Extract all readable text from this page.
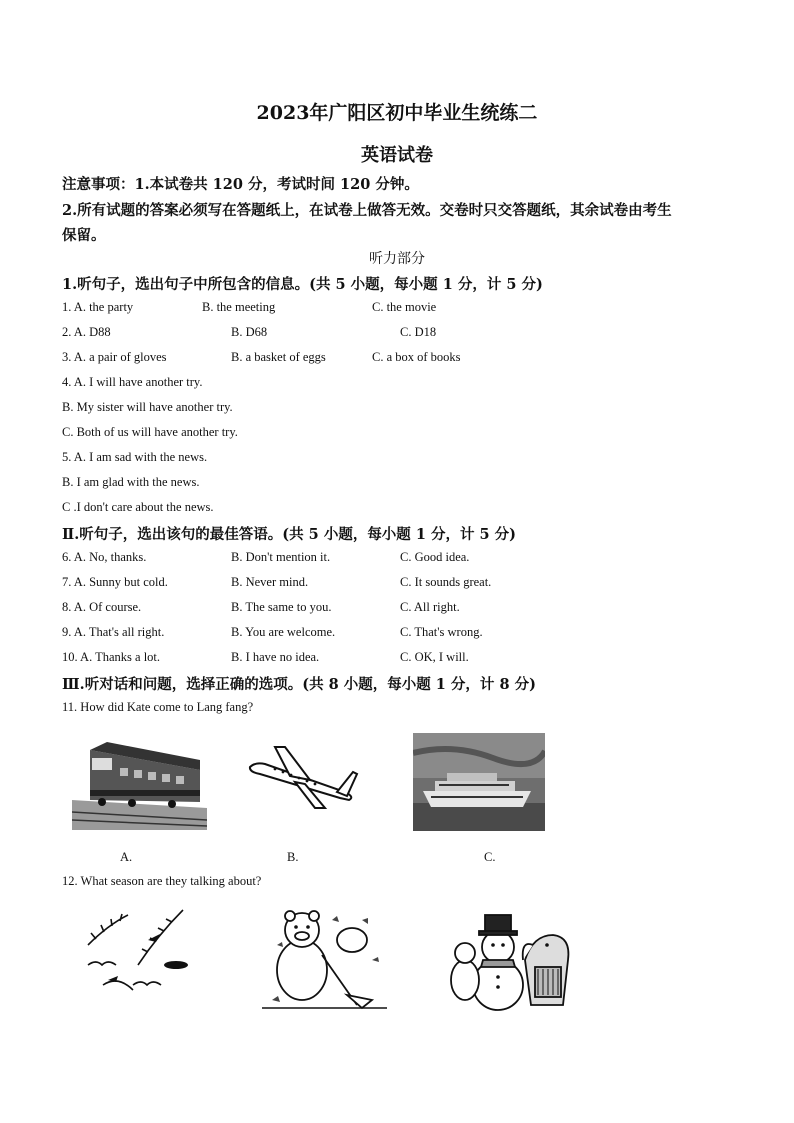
2023年广阳区初中毕业生统练二
英语试卷
注意事项：1.本试卷共 120 分，考试时间 120 分钟。
2.所有试题的答案必须写在答题纸上，在试卷上做答无效。交卷时只交答题纸，其余试卷由考生
保留。
听力部分
1.听句子，选出句子中所包含的信息。(共 5 小题，每小题 1 分，计 5 分)
1. A. the party	B. the meeting	C. the movie
2. A. D88	B. D68	C. D18
3. A. a pair of gloves	B. a basket of eggs	C. a box of books
4. A. I will have another try.
B. My sister will have another try.
C. Both of us will have another try.
5. A. I am sad with the news.
B. I am glad with the news.
C .I don't care about the news.
Ⅱ.听句子，选出该句的最佳答语。(共 5 小题，每小题 1 分，计 5 分)
6. A. No, thanks.	B. Don't mention it.	C. Good idea.
7. A. Sunny but cold.	B. Never mind.	C. It sounds great.
8. A. Of course.	B. The same to you.	C. All right.
9. A. That's all right.	B. You are welcome.	C. That's wrong.
10. A. Thanks a lot.	B. I have no idea.	C. OK, I will.
Ⅲ.听对话和问题，选择正确的选项。(共 8 小题，每小题 1 分，计 8 分)
11. How did Kate come to Lang fang?
A.	B.	C.
12. What season are they talking about?
